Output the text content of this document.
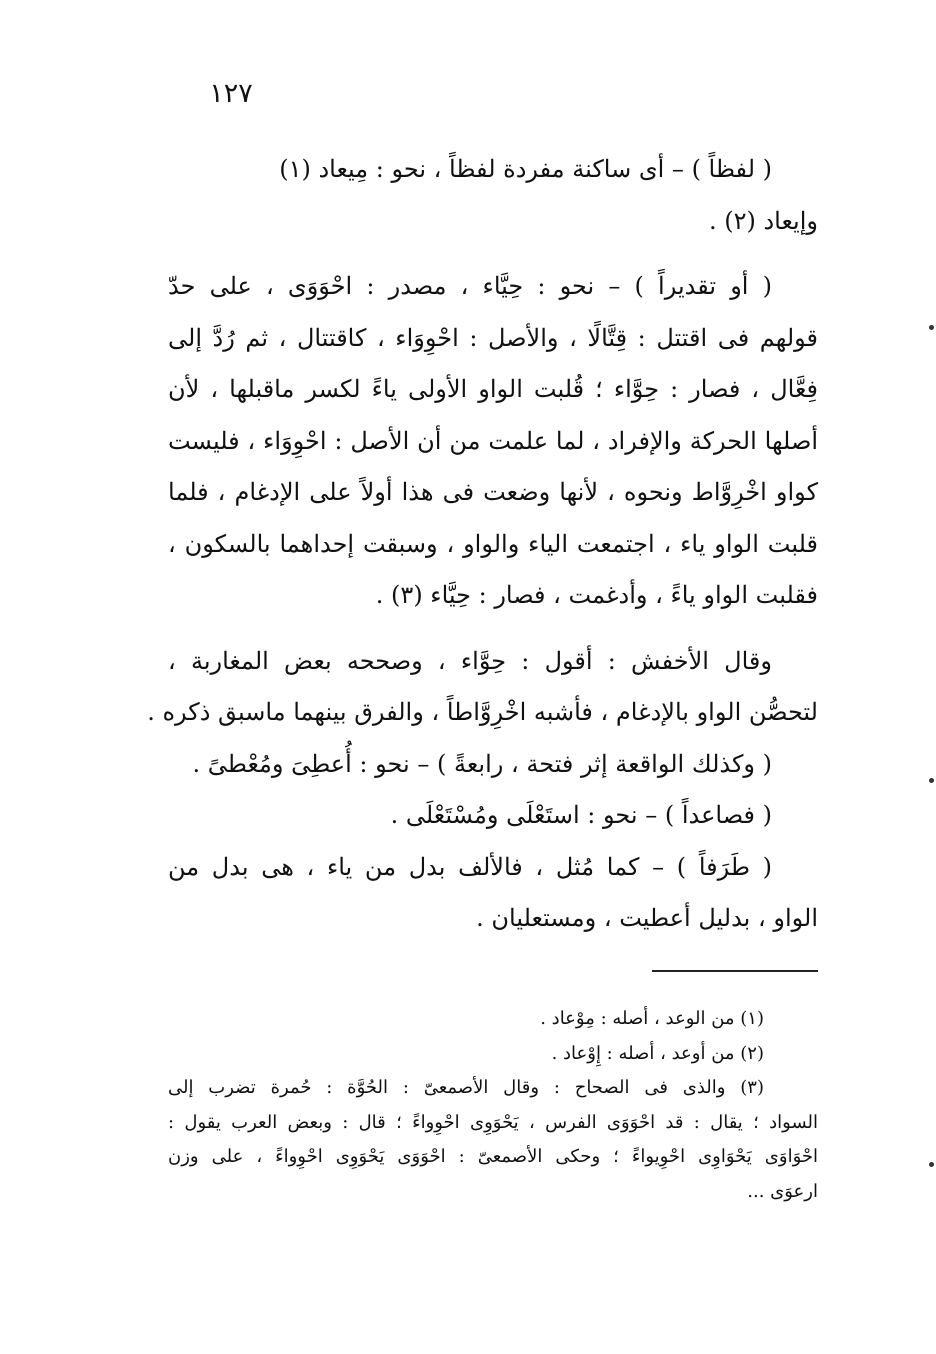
١٢٧
( لفظاً ) – أى ساكنة مفردة لفظاً ، نحو : مِيعاد (١)
وإيعاد (٢) .
( أو تقديراً ) – نحو : حِيَّاء ، مصدر : احْوَوَى ، على حدّ
قولهم فى اقتتل : قِتَّالًا ، والأصل : احْوِوَاء ، كاقتتال ، ثم رُدَّ إلى
فِعَّال ، فصار : حِوَّاء ؛ قُلبت الواو الأولى ياءً لكسر ماقبلها ، لأن
أصلها الحركة والإفراد ، لما علمت من أن الأصل : احْوِوَاء ، فليست
كواو اخْرِوَّاط ونحوه ، لأنها وضعت فى هذا أولاً على الإدغام ، فلما
قلبت الواو ياء ، اجتمعت الياء والواو ، وسبقت إحداهما بالسكون ،
فقلبت الواو ياءً ، وأدغمت ، فصار : حِيَّاء (٣) .
وقال الأخفش : أقول : حِوَّاء ، وصححه بعض المغاربة ،
لتحصُّن الواو بالإدغام ، فأشبه اخْرِوَّاطاً ، والفرق بينهما ماسبق ذكره .
( وكذلك الواقعة إثر فتحة ، رابعةً ) – نحو : أُعطِىَ ومُعْطىً .
( فصاعداً ) – نحو : استَعْلَى ومُسْتَعْلَى .
( طَرَفاً ) – كما مُثل ، فالألف بدل من ياء ، هى بدل من
الواو ، بدليل أعطيت ، ومستعليان .
(١) من الوعد ، أصله : مِوْعاد .
(٢) من أوعد ، أصله : إِوْعاد .
(٣) والذى فى الصحاح : وقال الأصمعىّ : الحُوَّة : حُمرة تضرب إلى
السواد ؛ يقال : قد احْوَوَى الفرس ، يَحْوَوِى احْوِواءً ؛ قال : وبعض العرب يقول :
احْوَاوَى يَحْوَاوِى احْوِيواءً ؛ وحكى الأصمعىّ : احْوَوَى يَحْوَوِى احْوِواءً ، على وزن
ارعوَى ...
